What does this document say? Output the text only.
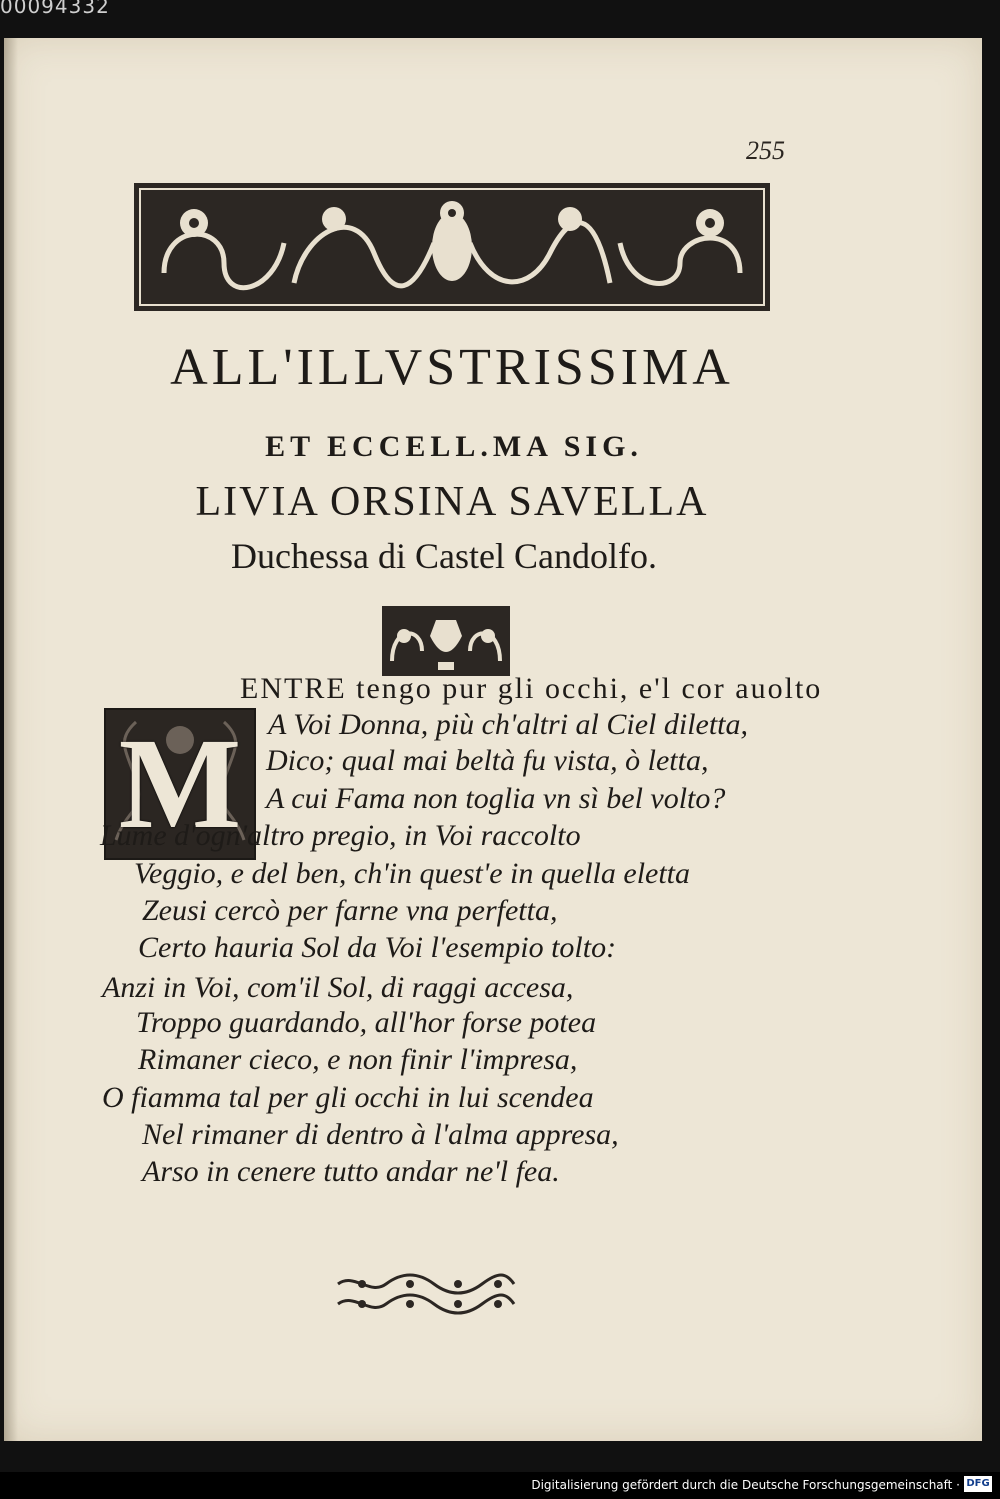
00094332
255
ALL'ILLVSTRISSIMA
ET ECCELL.MA SIG.
LIVIA ORSINA SAVELLA
Duchessa di Castel Candolfo.
M
ENTRE tengo pur gli occhi, e'l cor auolto
A Voi Donna, più ch'altri al Ciel diletta,
Dico; qual mai beltà fu vista, ò letta,
A cui Fama non toglia vn sì bel volto?
Lume d'ogn'altro pregio, in Voi raccolto
Veggio, e del ben, ch'in quest'e in quella eletta
Zeusi cercò per farne vna perfetta,
Certo hauria Sol da Voi l'esempio tolto:
Anzi in Voi, com'il Sol, di raggi accesa,
Troppo guardando, all'hor forse potea
Rimaner cieco, e non finir l'impresa,
O fiamma tal per gli occhi in lui scendea
Nel rimaner di dentro à l'alma appresa,
Arso in cenere tutto andar ne'l fea.
Digitalisierung gefördert durch die Deutsche Forschungsgemeinschaft · DFG
